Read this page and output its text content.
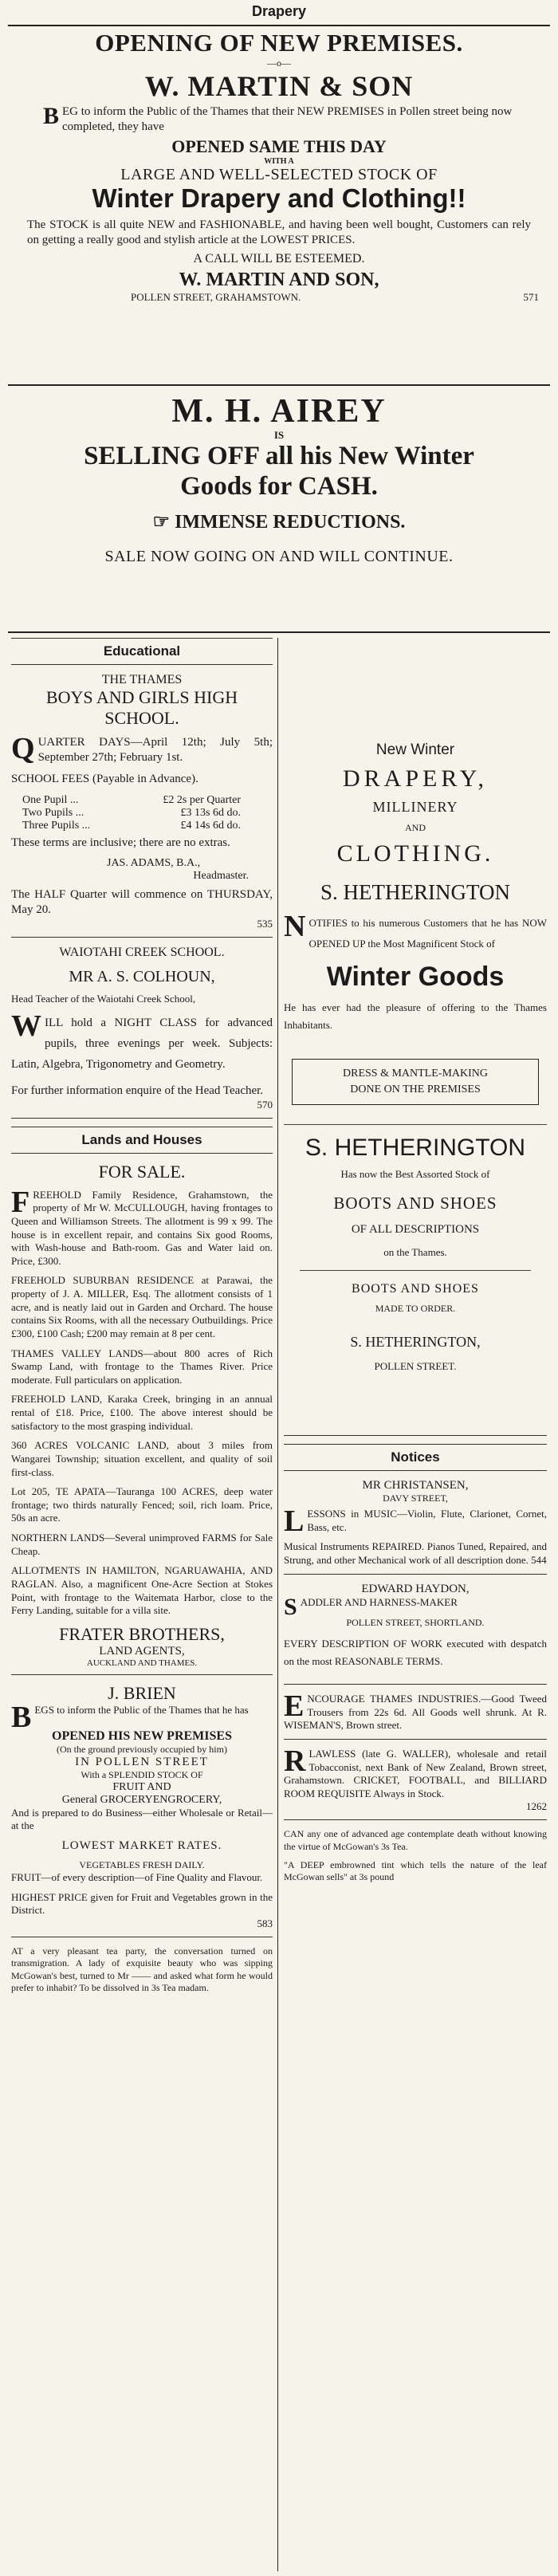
Drapery
OPENING OF NEW PREMISES.
—o—
W. MARTIN & SON
BEG to inform the Public of the Thames that their NEW PREMISES in Pollen street being now completed, they have
OPENED SAME THIS DAY
WITH A
LARGE AND WELL-SELECTED STOCK OF
Winter Drapery and Clothing!!
The STOCK is all quite NEW and FASHIONABLE, and having been well bought, Customers can rely on getting a really good and stylish article at the LOWEST PRICES.
A CALL WILL BE ESTEEMED.
W. MARTIN AND SON,
POLLEN STREET, GRAHAMSTOWN.	571
M. H. AIREY
IS
SELLING OFF all his New Winter
Goods for CASH.
☞ IMMENSE REDUCTIONS.
SALE NOW GOING ON AND WILL CONTINUE.
Educational
THE THAMES
BOYS AND GIRLS HIGH
SCHOOL.

QUARTER DAYS—April 12th; July 5th; September 27th; February 1st.

SCHOOL FEES (Payable in Advance).

One Pupil ...	£2 2s per Quarter
Two Pupils ...	£3 13s 6d do.
Three Pupils ...	£4 14s 6d do.

These terms are inclusive; there are no extras.

JAS. ADAMS, B.A.,
Headmaster.

The HALF Quarter will commence on THURSDAY, May 20.

535
WAIOTAHI CREEK SCHOOL.
MR A. S. COLHOUN,

Head Teacher of the Waiotahi Creek School,

WILL hold a NIGHT CLASS for advanced pupils, three evenings per week. Subjects: Latin, Algebra, Trigonometry and Geometry.

For further information enquire of the Head Teacher.

570
Lands and Houses
FOR SALE.

FREEHOLD Family Residence, Grahamstown, the property of Mr W. McCULLOUGH, having frontages to Queen and Williamson Streets. The allotment is 99 x 99. The house is in excellent repair, and contains Six good Rooms, with Wash-house and Bath-room. Gas and Water laid on. Price, £300.

FREEHOLD SUBURBAN RESIDENCE at Parawai, the property of J. A. MILLER, Esq. The allotment consists of 1 acre, and is neatly laid out in Garden and Orchard. The house contains Six Rooms, with all the necessary Outbuildings. Price £300, £100 Cash; £200 may remain at 8 per cent.

THAMES VALLEY LANDS—about 800 acres of Rich Swamp Land, with frontage to the Thames River. Price moderate. Full particulars on application.

FREEHOLD LAND, Karaka Creek, bringing in an annual rental of £18. Price, £100. The above interest should be satisfactory to the most grasping individual.

360 ACRES VOLCANIC LAND, about 3 miles from Wangarei Township; situation excellent, and quality of soil first-class.

Lot 205, TE APATA—Tauranga 100 ACRES, deep water frontage; two thirds naturally Fenced; soil, rich loam. Price, 50s an acre.

NORTHERN LANDS—Several unimproved FARMS for Sale Cheap.

ALLOTMENTS IN HAMILTON, NGARUAWAHIA, AND RAGLAN. Also, a magnificent One-Acre Section at Stokes Point, with frontage to the Waitemata Harbor, close to the Ferry Landing, suitable for a villa site.

FRATER BROTHERS,
LAND AGENTS,
AUCKLAND AND THAMES.
J. BRIEN

BEGS to inform the Public of the Thames that he has

OPENED HIS NEW PREMISES
(On the ground previously occupied by him)
IN POLLEN STREET
With a SPLENDID STOCK OF
FRUIT AND
General GROCERYENGROCERY,

And is prepared to do Business—either Wholesale or Retail—at the

LOWEST MARKET RATES.
VEGETABLES FRESH DAILY.

FRUIT—of every description—of Fine Quality and Flavour.

HIGHEST PRICE given for Fruit and Vegetables grown in the District.

583

AT a very pleasant tea party, the conversation turned on transmigration. A lady of exquisite beauty who was sipping McGowan's best, turned to Mr —— and asked what form he would prefer to inhabit? To be dissolved in 3s Tea madam.

New Winter
DRAPERY,
MILLINERY
AND
CLOTHING.
S. HETHERINGTON

NOTIFIES to his numerous Customers that he has NOW OPENED UP the Most Magnificent Stock of

Winter Goods

He has ever had the pleasure of offering to the Thames Inhabitants.

DRESS & MANTLE-MAKING
DONE ON THE PREMISES
S. HETHERINGTON
Has now the Best Assorted Stock of
BOOTS AND SHOES
OF ALL DESCRIPTIONS
on the Thames.
BOOTS AND SHOES
MADE TO ORDER.
S. HETHERINGTON,
POLLEN STREET.
Notices
MR CHRISTANSEN,
DAVY STREET,

LESSONS in MUSIC—Violin, Flute, Clarionet, Cornet, Bass, etc.

Musical Instruments REPAIRED. Pianos Tuned, Repaired, and Strung, and other Mechanical work of all description done. 544

EDWARD HAYDON,

SADDLER AND HARNESS-MAKER

POLLEN STREET, SHORTLAND.

EVERY DESCRIPTION OF WORK executed with despatch on the most REASONABLE TERMS.

ENCOURAGE THAMES INDUSTRIES.—Good Tweed Trousers from 22s 6d. All Goods well shrunk. At R. WISEMAN'S, Brown street.

RLAWLESS (late G. WALLER), wholesale and retail Tobacconist, next Bank of New Zealand, Brown street, Grahamstown. CRICKET, FOOTBALL, and BILLIARD ROOM REQUISITE Always in Stock.

1262

CAN any one of advanced age contemplate death without knowing the virtue of McGowan's 3s Tea.

"A DEEP embrowned tint which tells the nature of the leaf McGowan sells" at 3s pound
